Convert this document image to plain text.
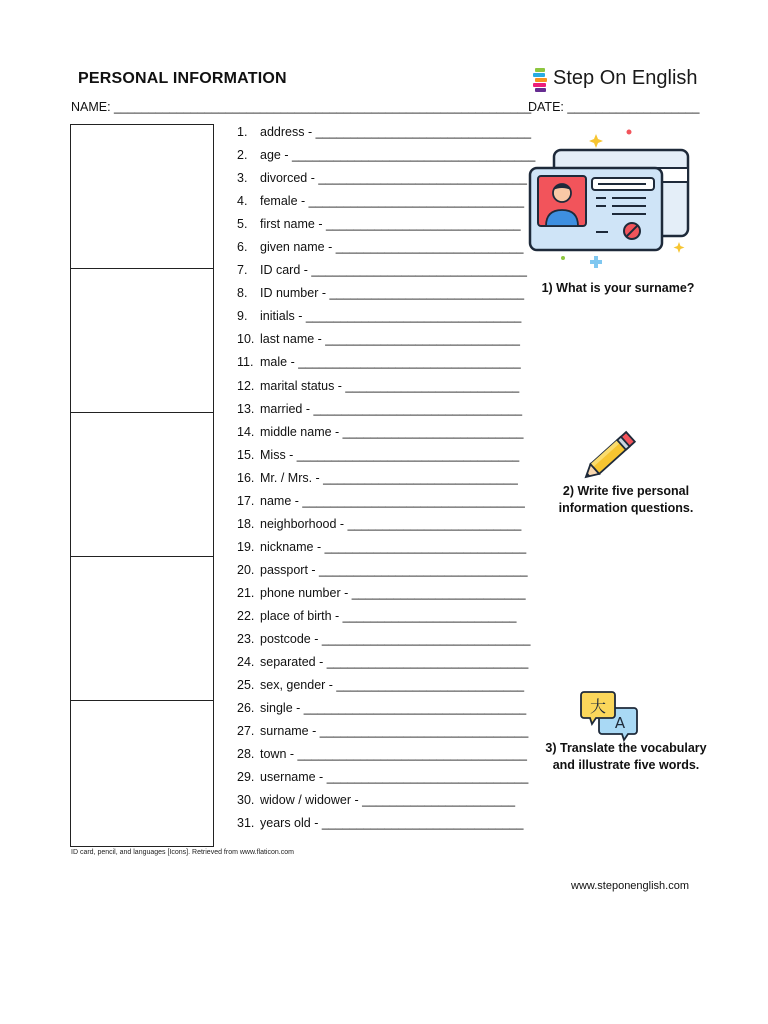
PERSONAL INFORMATION	Step On English
NAME: ____________________________________________________________
DATE: ___________________
1. address - _______________________________
2. age - ___________________________________
3. divorced - ______________________________
4. female - _______________________________
5. first name - ____________________________
6. given name - ___________________________
7. ID card - _______________________________
8. ID number - ____________________________
9. initials - _______________________________
10. last name - ____________________________
11. male - ________________________________
12. marital status - _________________________
13. married - ______________________________
14. middle name - __________________________
15. Miss - ________________________________
16. Mr. / Mrs. - ____________________________
17. name - ________________________________
18. neighborhood - _________________________
19. nickname - _____________________________
20. passport - ______________________________
21. phone number - _________________________
22. place of birth - _________________________
23. postcode - ______________________________
24. separated - _____________________________
25. sex, gender - ___________________________
26. single - ________________________________
27. surname - ______________________________
28. town - _________________________________
29. username - _____________________________
30. widow / widower - ______________________
31. years old - _____________________________
1) What is your surname?
2) Write five personal
information questions.
大
A
3) Translate the vocabulary
and illustrate five words.
ID card, pencil, and languages [Icons]. Retrieved from www.flaticon.com
www.steponenglish.com
